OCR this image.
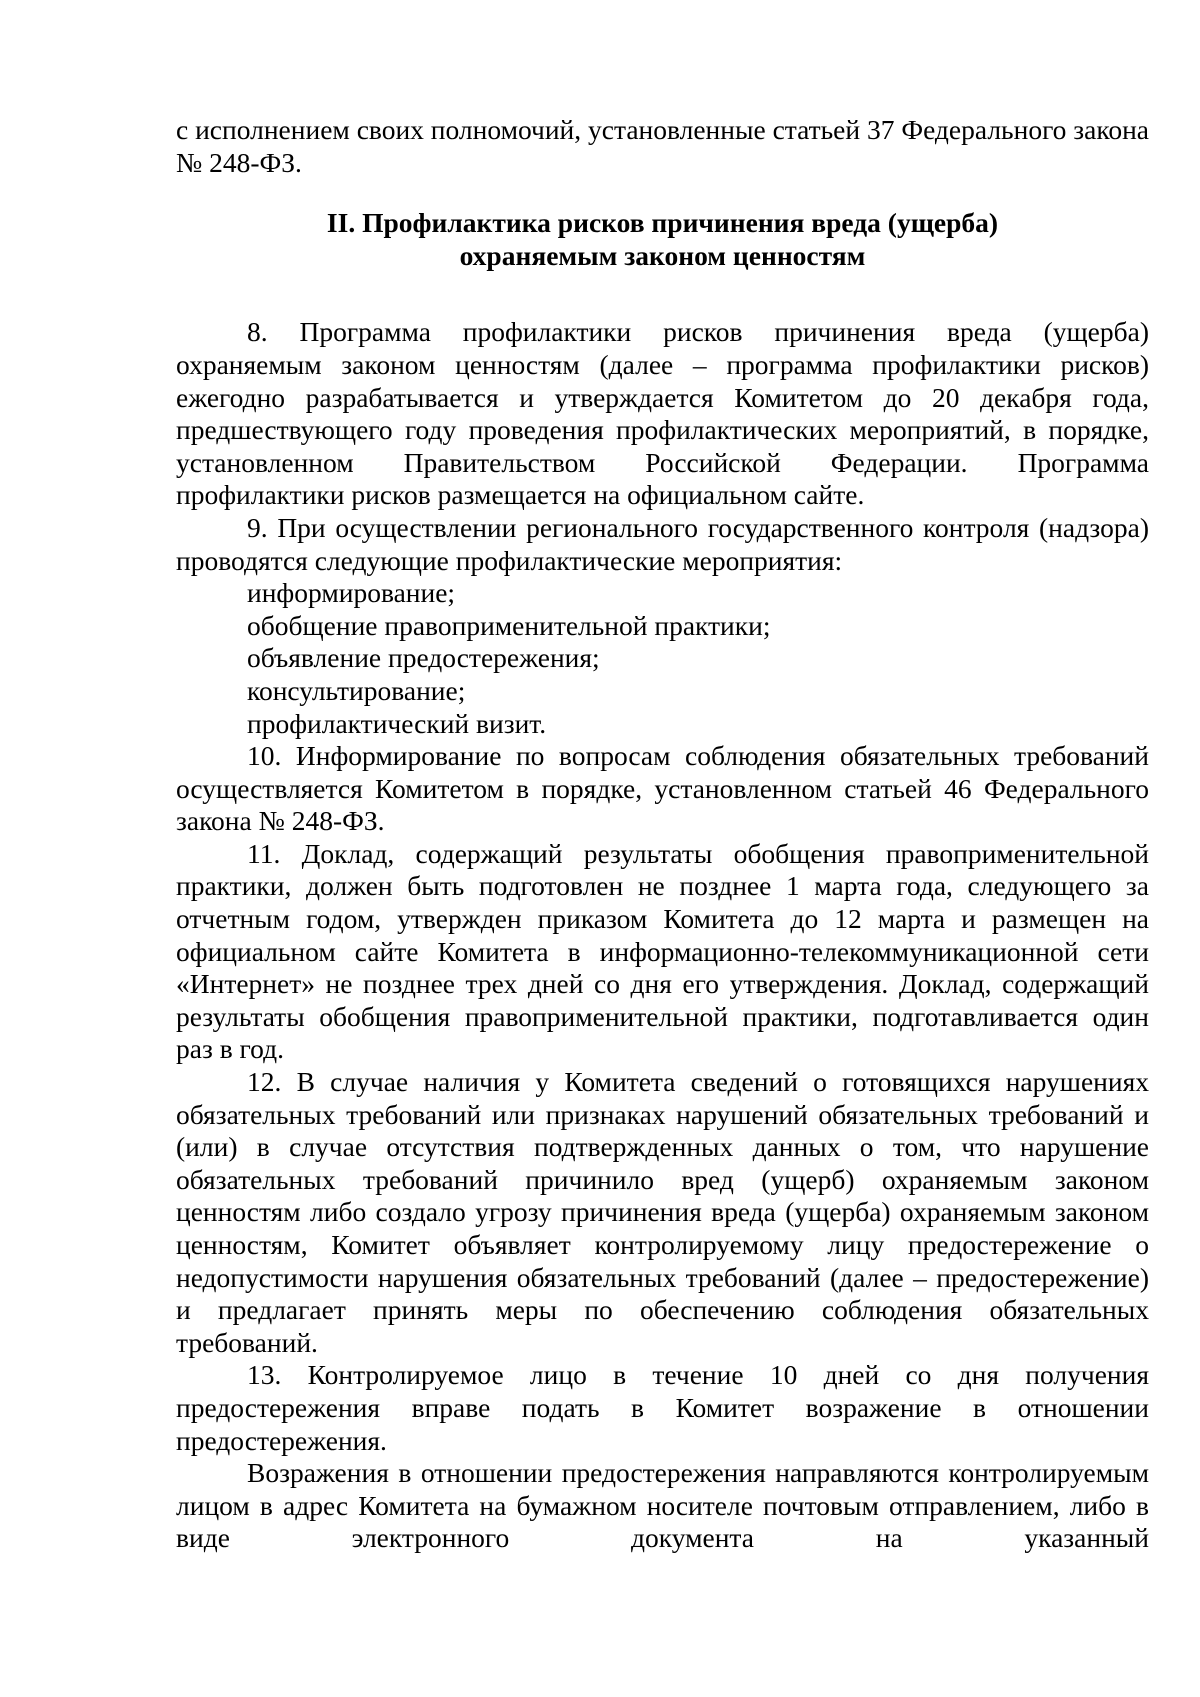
с исполнением своих полномочий, установленные статьей 37 Федерального закона № 248-ФЗ.

II. Профилактика рисков причинения вреда (ущерба)

охраняемым законом ценностям

8. Программа профилактики рисков причинения вреда (ущерба) охраняемым законом ценностям (далее – программа профилактики рисков) ежегодно разрабатывается и утверждается Комитетом до 20 декабря года, предшествующего году проведения профилактических мероприятий, в порядке, установленном Правительством Российской Федерации. Программа профилактики рисков размещается на официальном сайте.

9. При осуществлении регионального государственного контроля (надзора) проводятся следующие профилактические мероприятия:

информирование;

обобщение правоприменительной практики;

объявление предостережения;

консультирование;

профилактический визит.

10. Информирование по вопросам соблюдения обязательных требований осуществляется Комитетом в порядке, установленном статьей 46 Федерального закона № 248-ФЗ.

11. Доклад, содержащий результаты обобщения правоприменительной практики, должен быть подготовлен не позднее 1 марта года, следующего за отчетным годом, утвержден приказом Комитета до 12 марта и размещен на официальном сайте Комитета в информационно-телекоммуникационной сети «Интернет» не позднее трех дней со дня его утверждения. Доклад, содержащий результаты обобщения правоприменительной практики, подготавливается один раз в год.

12. В случае наличия у Комитета сведений о готовящихся нарушениях обязательных требований или признаках нарушений обязательных требований и (или) в случае отсутствия подтвержденных данных о том, что нарушение обязательных требований причинило вред (ущерб) охраняемым законом ценностям либо создало угрозу причинения вреда (ущерба) охраняемым законом ценностям, Комитет объявляет контролируемому лицу предостережение о недопустимости нарушения обязательных требований (далее – предостережение) и предлагает принять меры по обеспечению соблюдения обязательных требований.

13. Контролируемое лицо в течение 10 дней со дня получения предостережения вправе подать в Комитет возражение в отношении предостережения.

Возражения в отношении предостережения направляются контролируемым лицом в адрес Комитета на бумажном носителе почтовым отправлением, либо в виде электронного документа на указанный
